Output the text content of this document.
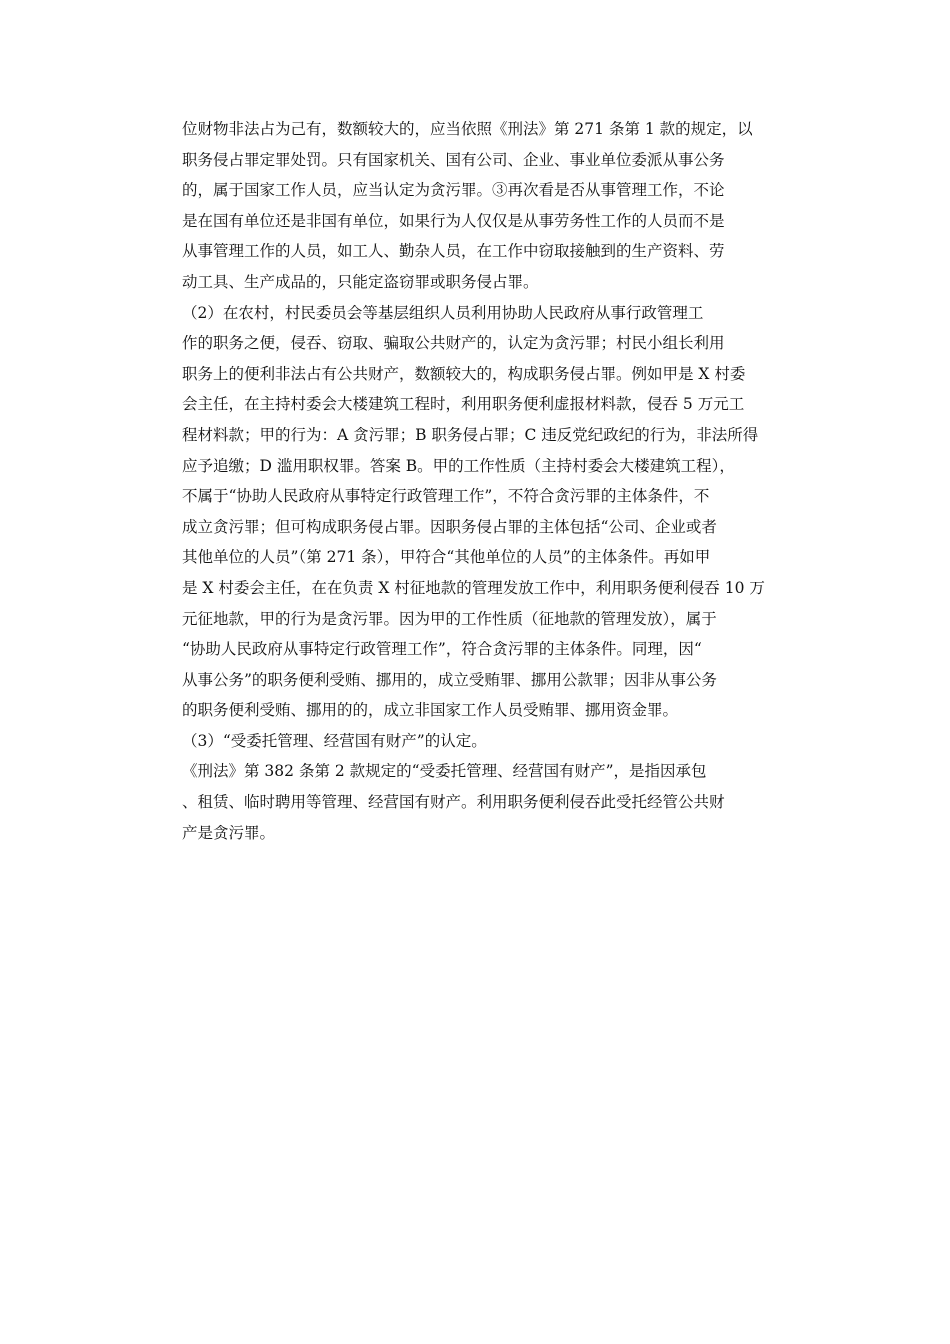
位财物非法占为己有，数额较大的，应当依照《刑法》第 271 条第 1 款的规定，以

职务侵占罪定罪处罚。只有国家机关、国有公司、企业、事业单位委派从事公务

的，属于国家工作人员，应当认定为贪污罪。③再次看是否从事管理工作，不论

是在国有单位还是非国有单位，如果行为人仅仅是从事劳务性工作的人员而不是

从事管理工作的人员，如工人、勤杂人员，在工作中窃取接触到的生产资料、劳

动工具、生产成品的，只能定盗窃罪或职务侵占罪。

（2）在农村，村民委员会等基层组织人员利用协助人民政府从事行政管理工

作的职务之便，侵吞、窃取、骗取公共财产的，认定为贪污罪；村民小组长利用

职务上的便利非法占有公共财产，数额较大的，构成职务侵占罪。例如甲是 X 村委

会主任，在主持村委会大楼建筑工程时，利用职务便利虚报材料款，侵吞 5 万元工

程材料款；甲的行为：A 贪污罪；B 职务侵占罪；C 违反党纪政纪的行为，非法所得

应予追缴；D 滥用职权罪。答案 B。甲的工作性质（主持村委会大楼建筑工程），

不属于“协助人民政府从事特定行政管理工作”，不符合贪污罪的主体条件，不

成立贪污罪；但可构成职务侵占罪。因职务侵占罪的主体包括“公司、企业或者

其他单位的人员”（第 271 条），甲符合“其他单位的人员”的主体条件。再如甲

是 X 村委会主任，在在负责 X 村征地款的管理发放工作中，利用职务便利侵吞 10 万

元征地款，甲的行为是贪污罪。因为甲的工作性质（征地款的管理发放），属于

“协助人民政府从事特定行政管理工作”，符合贪污罪的主体条件。同理，因“

从事公务”的职务便利受贿、挪用的，成立受贿罪、挪用公款罪；因非从事公务

的职务便利受贿、挪用的的，成立非国家工作人员受贿罪、挪用资金罪。

（3）“受委托管理、经营国有财产”的认定。

《刑法》第 382 条第 2 款规定的“受委托管理、经营国有财产”，是指因承包

、租赁、临时聘用等管理、经营国有财产。利用职务便利侵吞此受托经管公共财

产是贪污罪。
